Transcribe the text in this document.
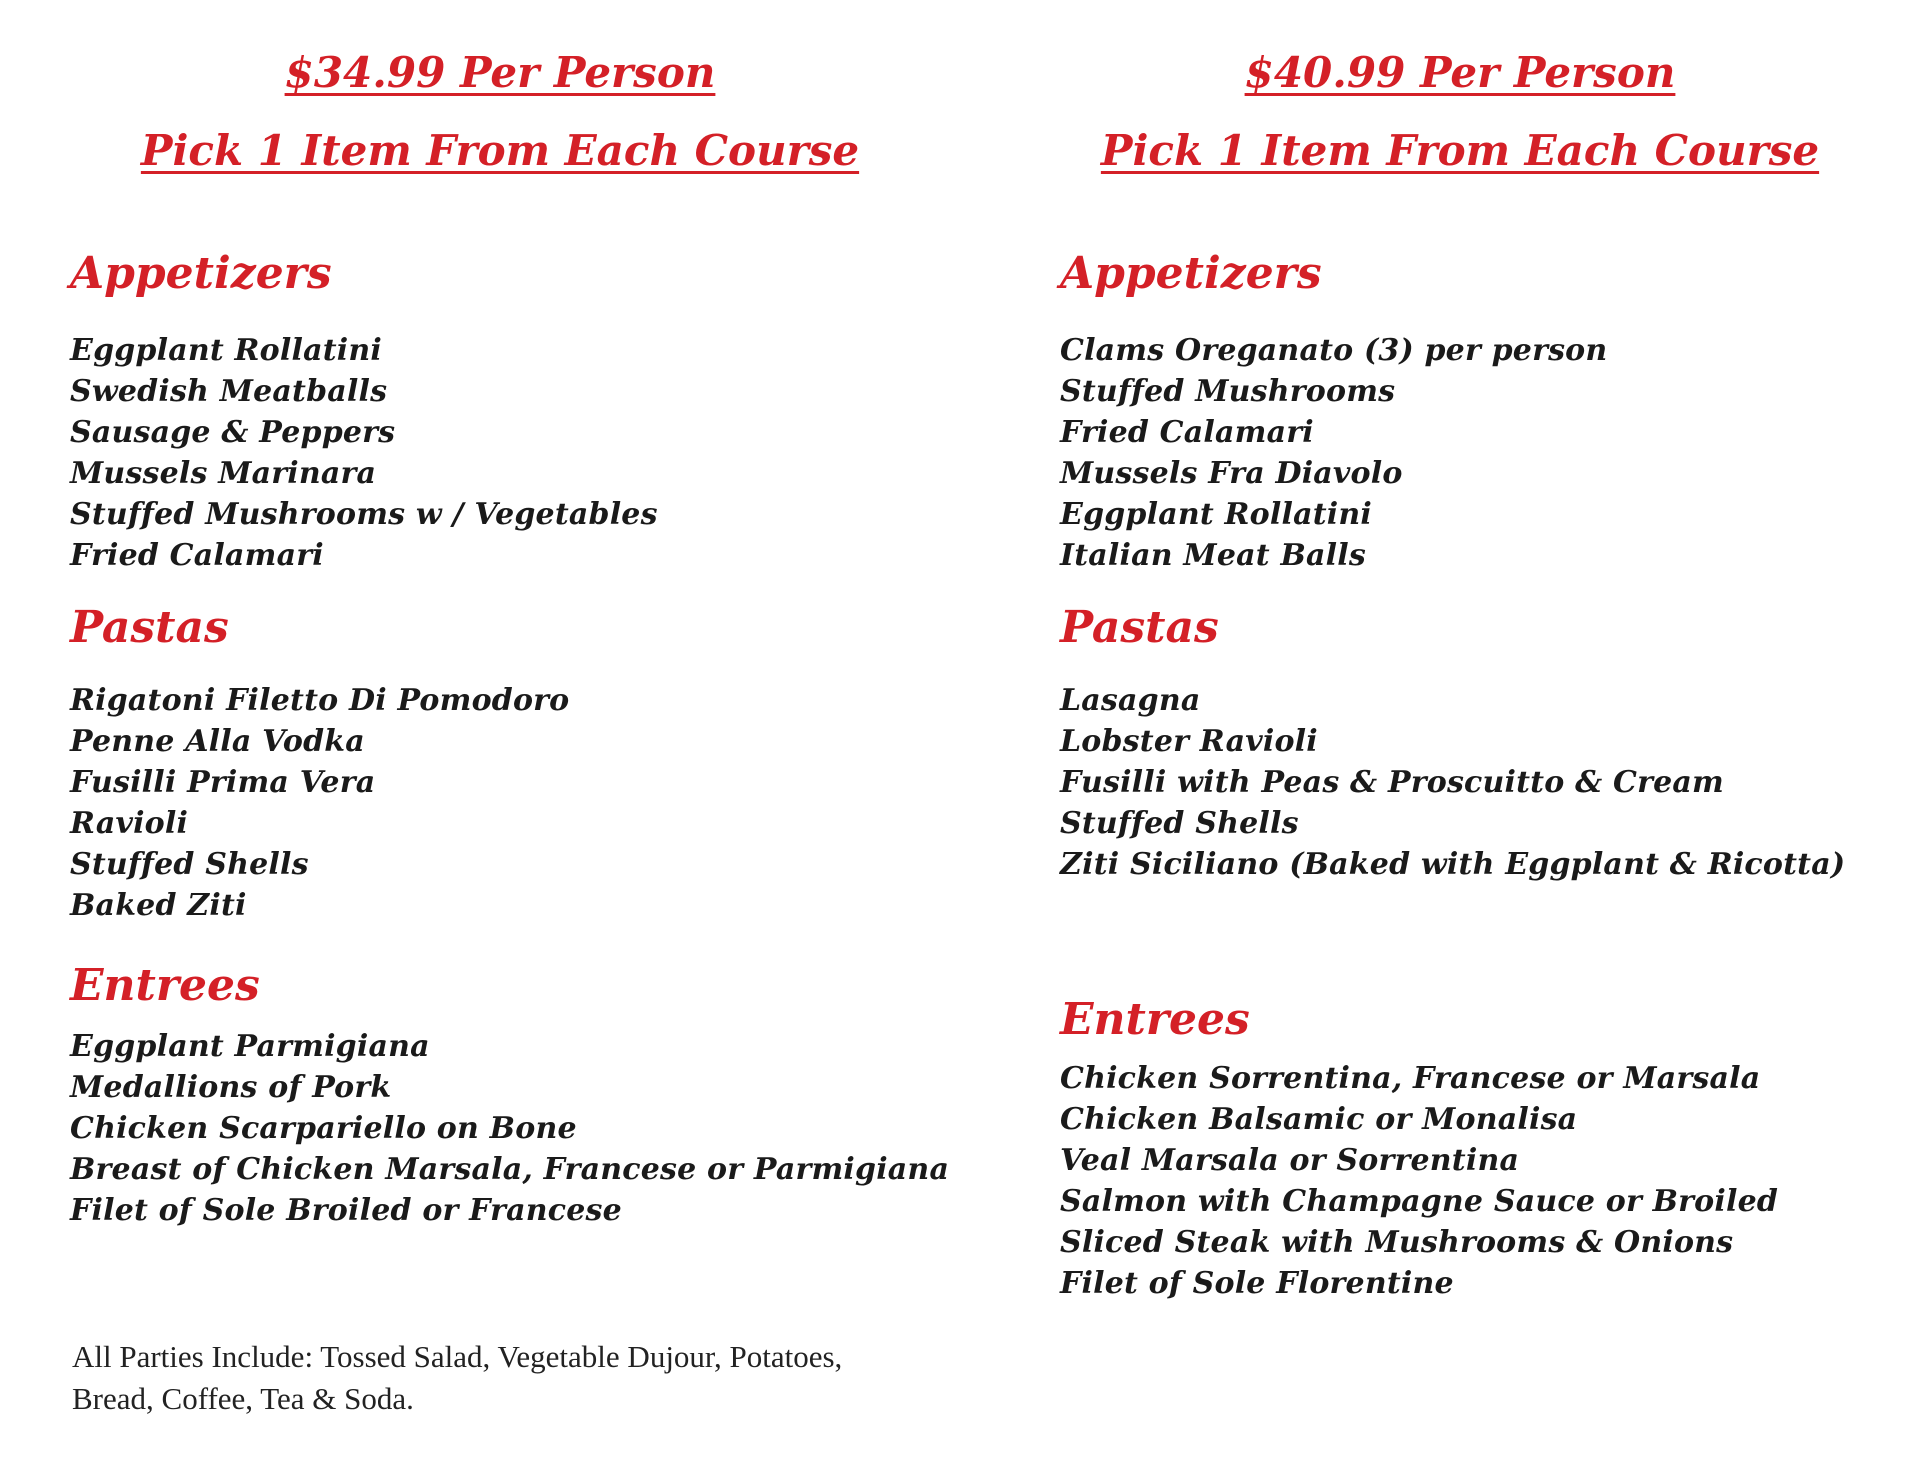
$34.99 Per Person
Pick 1 Item From Each Course
Appetizers
Eggplant Rollatini
Swedish Meatballs
Sausage & Peppers
Mussels Marinara
Stuffed Mushrooms w / Vegetables
Fried Calamari
Pastas
Rigatoni Filetto Di Pomodoro
Penne Alla Vodka
Fusilli Prima Vera
Ravioli
Stuffed Shells
Baked Ziti
Entrees
Eggplant Parmigiana
Medallions of Pork
Chicken Scarpariello on Bone
Breast of Chicken Marsala, Francese or Parmigiana
Filet of Sole Broiled or Francese
All Parties Include: Tossed Salad, Vegetable Dujour, Potatoes,
Bread, Coffee, Tea & Soda.
$40.99 Per Person
Pick 1 Item From Each Course
Appetizers
Clams Oreganato (3) per person
Stuffed Mushrooms
Fried Calamari
Mussels Fra Diavolo
Eggplant Rollatini
Italian Meat Balls
Pastas
Lasagna
Lobster Ravioli
Fusilli with Peas & Proscuitto & Cream
Stuffed Shells
Ziti Siciliano (Baked with Eggplant & Ricotta)
Entrees
Chicken Sorrentina, Francese or Marsala
Chicken Balsamic or Monalisa
Veal Marsala or Sorrentina
Salmon with Champagne Sauce or Broiled
Sliced Steak with Mushrooms & Onions
Filet of Sole Florentine
